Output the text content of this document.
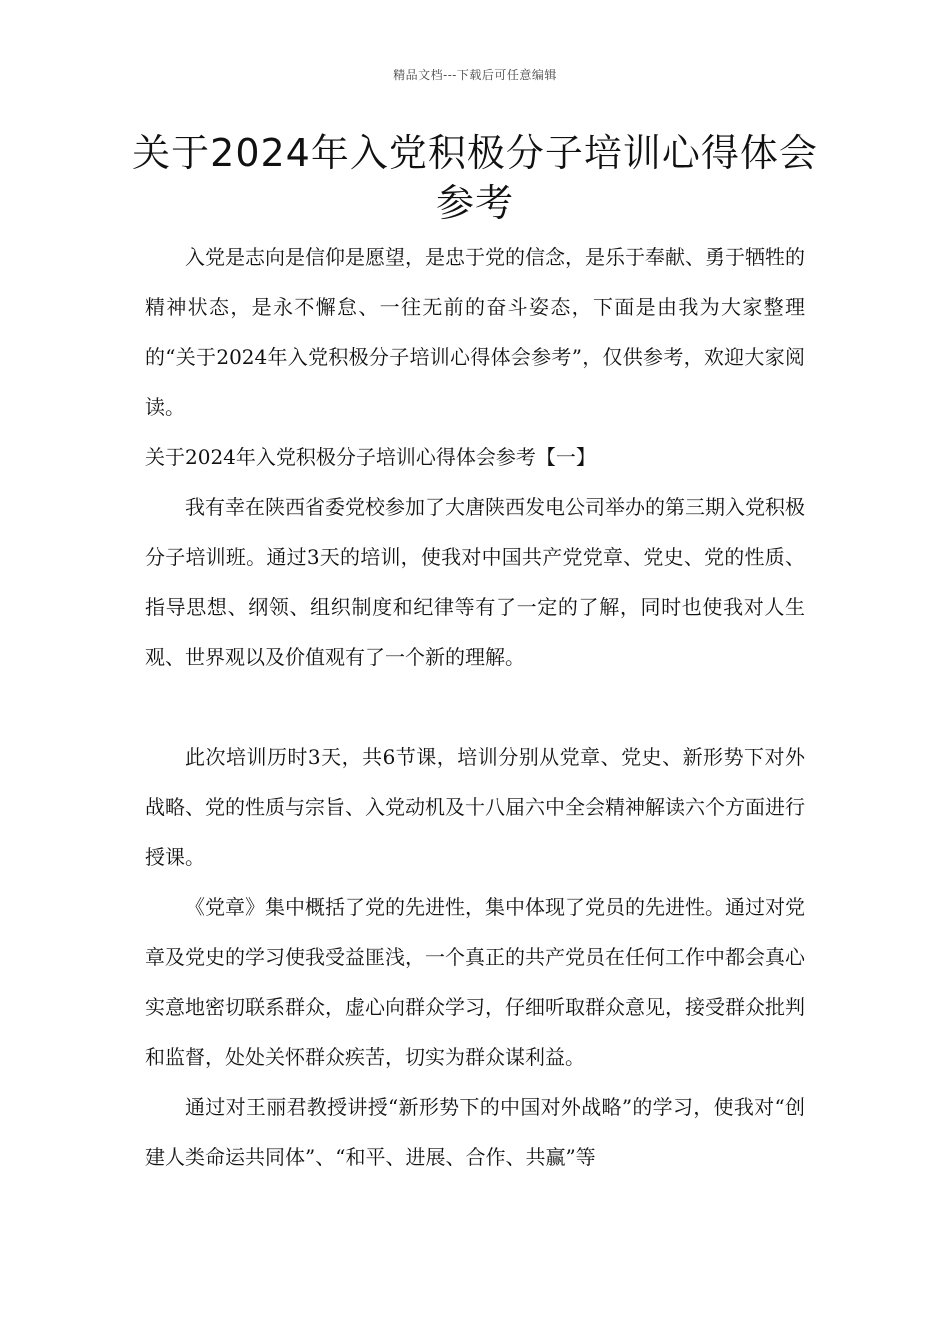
精品文档---下载后可任意编辑
关于2024年入党积极分子培训心得体会参考

入党是志向是信仰是愿望，是忠于党的信念，是乐于奉献、勇于牺牲的精神状态，是永不懈怠、一往无前的奋斗姿态，下面是由我为大家整理的“关于2024年入党积极分子培训心得体会参考”，仅供参考，欢迎大家阅读。

关于2024年入党积极分子培训心得体会参考【一】

我有幸在陕西省委党校参加了大唐陕西发电公司举办的第三期入党积极分子培训班。通过3天的培训，使我对中国共产党党章、党史、党的性质、指导思想、纲领、组织制度和纪律等有了一定的了解，同时也使我对人生观、世界观以及价值观有了一个新的理解。

此次培训历时3天，共6节课，培训分别从党章、党史、新形势下对外战略、党的性质与宗旨、入党动机及十八届六中全会精神解读六个方面进行授课。

《党章》集中概括了党的先进性，集中体现了党员的先进性。通过对党章及党史的学习使我受益匪浅，一个真正的共产党员在任何工作中都会真心实意地密切联系群众，虚心向群众学习，仔细听取群众意见，接受群众批判和监督，处处关怀群众疾苦，切实为群众谋利益。

通过对王丽君教授讲授“新形势下的中国对外战略”的学习，使我对“创建人类命运共同体”、“和平、进展、合作、共赢”等
